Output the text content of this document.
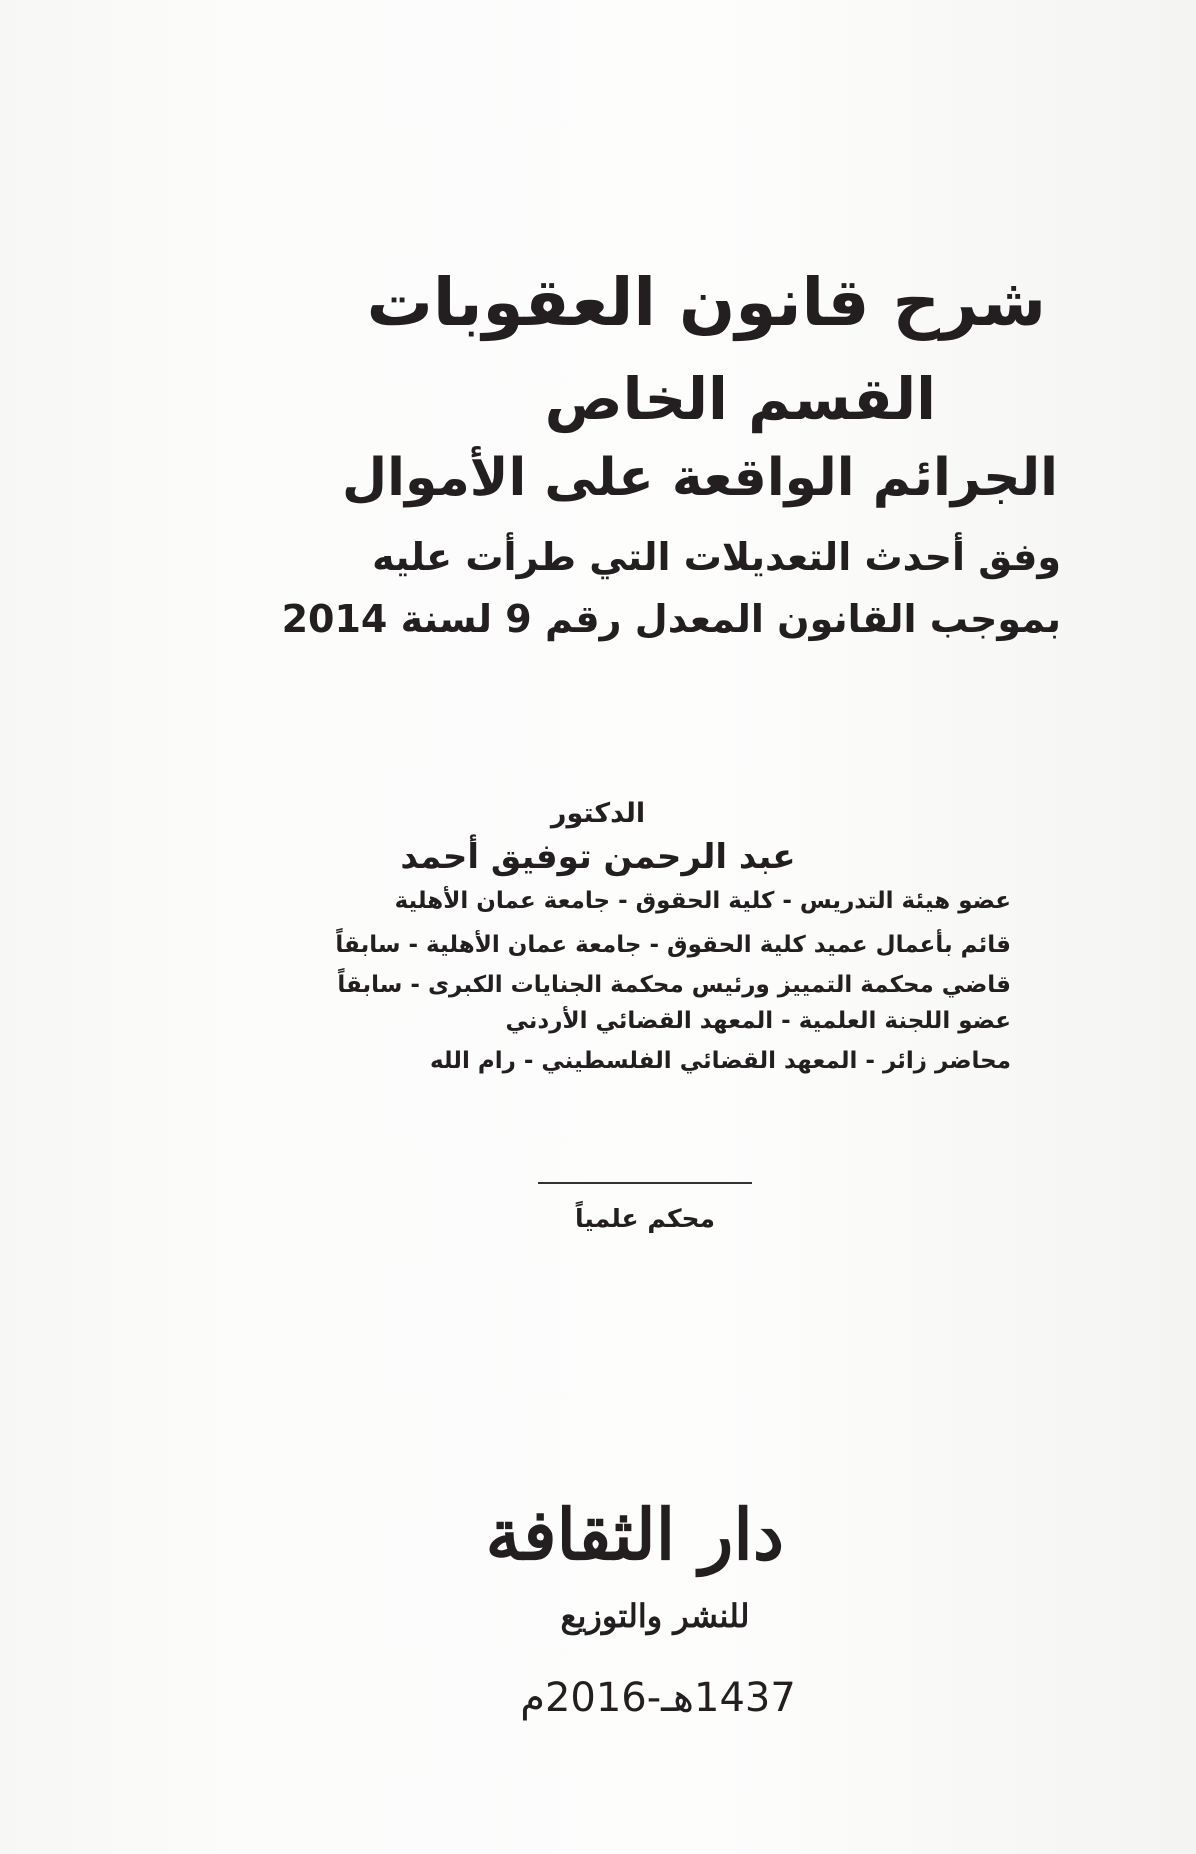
شرح قانون العقوبات
القسم الخاص
الجرائم الواقعة على الأموال
وفق أحدث التعديلات التي طرأت عليه
بموجب القانون المعدل رقم 9 لسنة 2014
الدكتور
عبد الرحمن توفيق أحمد
عضو هيئة التدريس - كلية الحقوق - جامعة عمان الأهلية
قائم بأعمال عميد كلية الحقوق - جامعة عمان الأهلية - سابقاً
قاضي محكمة التمييز ورئيس محكمة الجنايات الكبرى - سابقاً
عضو اللجنة العلمية - المعهد القضائي الأردني
محاضر زائر - المعهد القضائي الفلسطيني - رام الله
محكم علمياً
دار الثقافة
للنشر والتوزيع
1437هـ-2016م
